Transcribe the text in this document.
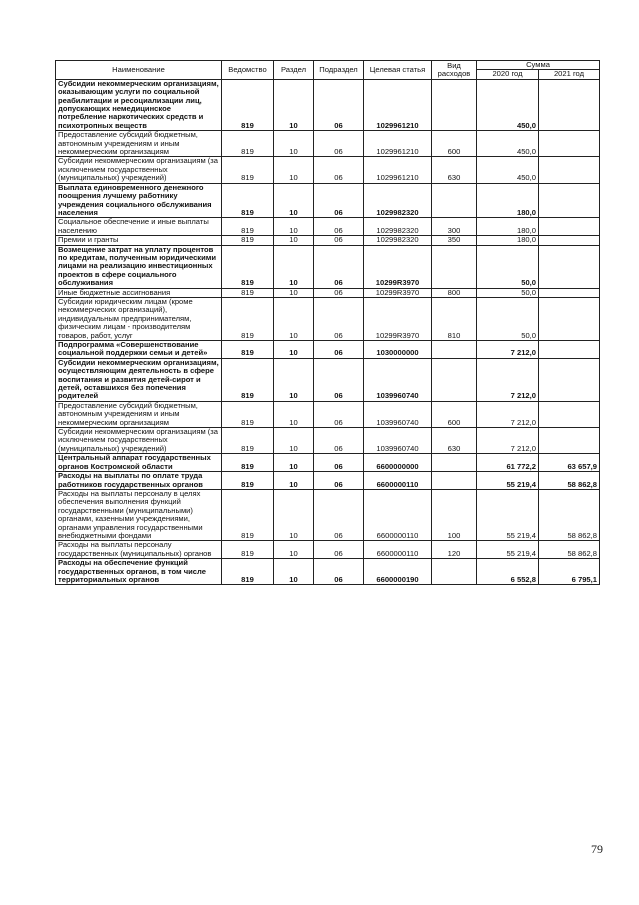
Наименование	Ведомство	Раздел	Подраздел	Целевая статья	Вид расходов	Сумма	
						2020 год	2021 год
Субсидии некоммерческим организациям, оказывающим услуги по социальной реабилитации и ресоциализации лиц, допускающих немедицинское потребление наркотических средств и психотропных веществ	819	10	06	1029961210		450,0	
Предоставление субсидий бюджетным, автономным учреждениям и иным некоммерческим организациям	819	10	06	1029961210	600	450,0	
Субсидии некоммерческим организациям (за исключением государственных (муниципальных) учреждений)	819	10	06	1029961210	630	450,0	
Выплата единовременного денежного поощрения лучшему работнику учреждения социального обслуживания населения	819	10	06	1029982320		180,0	
Социальное обеспечение и иные выплаты населению	819	10	06	1029982320	300	180,0	
Премии и гранты	819	10	06	1029982320	350	180,0	
Возмещение затрат на уплату процентов по кредитам, полученным юридическими лицами на реализацию инвестиционных проектов в сфере социального обслуживания	819	10	06	10299R3970		50,0	
Иные бюджетные ассигнования	819	10	06	10299R3970	800	50,0	
Субсидии юридическим лицам (кроме некоммерческих организаций), индивидуальным предпринимателям, физическим лицам - производителям товаров, работ, услуг	819	10	06	10299R3970	810	50,0	
Подпрограмма «Совершенствование социальной поддержки семьи и детей»	819	10	06	1030000000		7 212,0	
Субсидии некоммерческим организациям, осуществляющим деятельность в сфере воспитания и развития детей-сирот и детей, оставшихся без попечения родителей	819	10	06	1039960740		7 212,0	
Предоставление субсидий бюджетным, автономным учреждениям и иным некоммерческим организациям	819	10	06	1039960740	600	7 212,0	
Субсидии некоммерческим организациям (за исключением государственных (муниципальных) учреждений)	819	10	06	1039960740	630	7 212,0	
Центральный аппарат государственных органов Костромской области	819	10	06	6600000000		61 772,2	63 657,9
Расходы на выплаты по оплате труда работников государственных органов	819	10	06	6600000110		55 219,4	58 862,8
Расходы на выплаты персоналу в целях обеспечения выполнения функций государственными (муниципальными) органами, казенными учреждениями, органами управления государственными внебюджетными фондами	819	10	06	6600000110	100	55 219,4	58 862,8
Расходы на выплаты персоналу государственных (муниципальных) органов	819	10	06	6600000110	120	55 219,4	58 862,8
Расходы на обеспечение функций государственных органов, в том числе территориальных органов	819	10	06	6600000190		6 552,8	6 795,1
79
